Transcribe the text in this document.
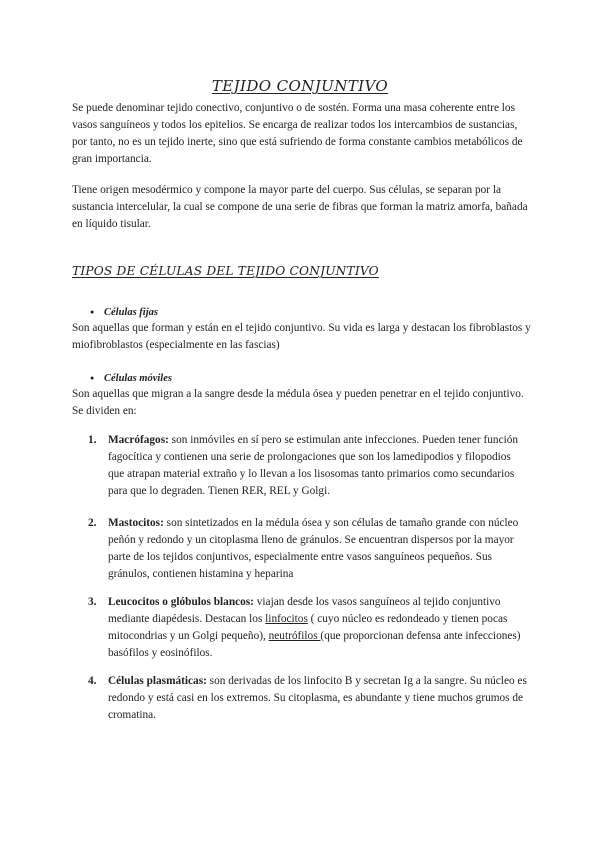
TEJIDO CONJUNTIVO

Se puede denominar tejido conectivo, conjuntivo o de sostén. Forma una masa coherente entre los vasos sanguíneos y todos los epitelios. Se encarga de realizar todos los intercambios de sustancias, por tanto, no es un tejido inerte, sino que está sufriendo de forma constante cambios metabólicos de gran importancia.

Tiene origen mesodérmico y compone la mayor parte del cuerpo. Sus células, se separan por la sustancia intercelular, la cual se compone de una serie de fibras que forman la matriz amorfa, bañada en líquido tisular.

TIPOS DE CÉLULAS DEL TEJIDO CONJUNTIVO
● Células fijas

Son aquellas que forman y están en el tejido conjuntivo. Su vida es larga y destacan los fibroblastos y miofibroblastos (especialmente en las fascias)

● Células móviles

Son aquellas que migran a la sangre desde la médula ósea y pueden penetrar en el tejido conjuntivo. Se dividen en:

1. Macrófagos: son inmóviles en sí pero se estimulan ante infecciones. Pueden tener función fagocítica y contienen una serie de prolongaciones que son los lamedipodios y filopodios que atrapan material extraño y lo llevan a los lisosomas tanto primarios como secundarios para que lo degraden. Tienen RER, REL y Golgi.
2. Mastocitos: son sintetizados en la médula ósea y son células de tamaño grande con núcleo peñón y redondo y un citoplasma lleno de gránulos. Se encuentran dispersos por la mayor parte de los tejidos conjuntivos, especialmente entre vasos sanguíneos pequeños. Sus gránulos, contienen histamina y heparina
3. Leucocitos o glóbulos blancos: viajan desde los vasos sanguíneos al tejido conjuntivo mediante diapédesis. Destacan los linfocitos ( cuyo núcleo es redondeado y tienen pocas mitocondrias y un Golgi pequeño), neutrófilos (que proporcionan defensa ante infecciones) basófilos y eosinófilos.
4. Células plasmáticas: son derivadas de los linfocito B y secretan Ig a la sangre. Su núcleo es redondo y está casi en los extremos. Su citoplasma, es abundante y tiene muchos grumos de cromatina.
